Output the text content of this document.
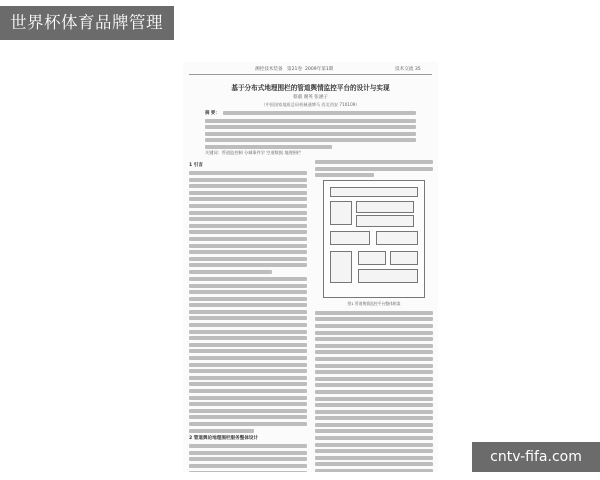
世界杯体育品牌管理
测控技术装备 第21卷 2009年第1期	技术交流 35
基于分布式地理围栏的管道舆情监控平台的设计与实现
蔡淑 谢英 张涵子
（中国国家地质总局机械通博马 西北西安 710109）
摘 要：
关键词：管道监控制 分域事件学 空道数据 地理围栏
1 引言
2 管道舆论地理围栏服务整体设计
图1 管道舆情监控平台整体框架
cntv-fifa.com
